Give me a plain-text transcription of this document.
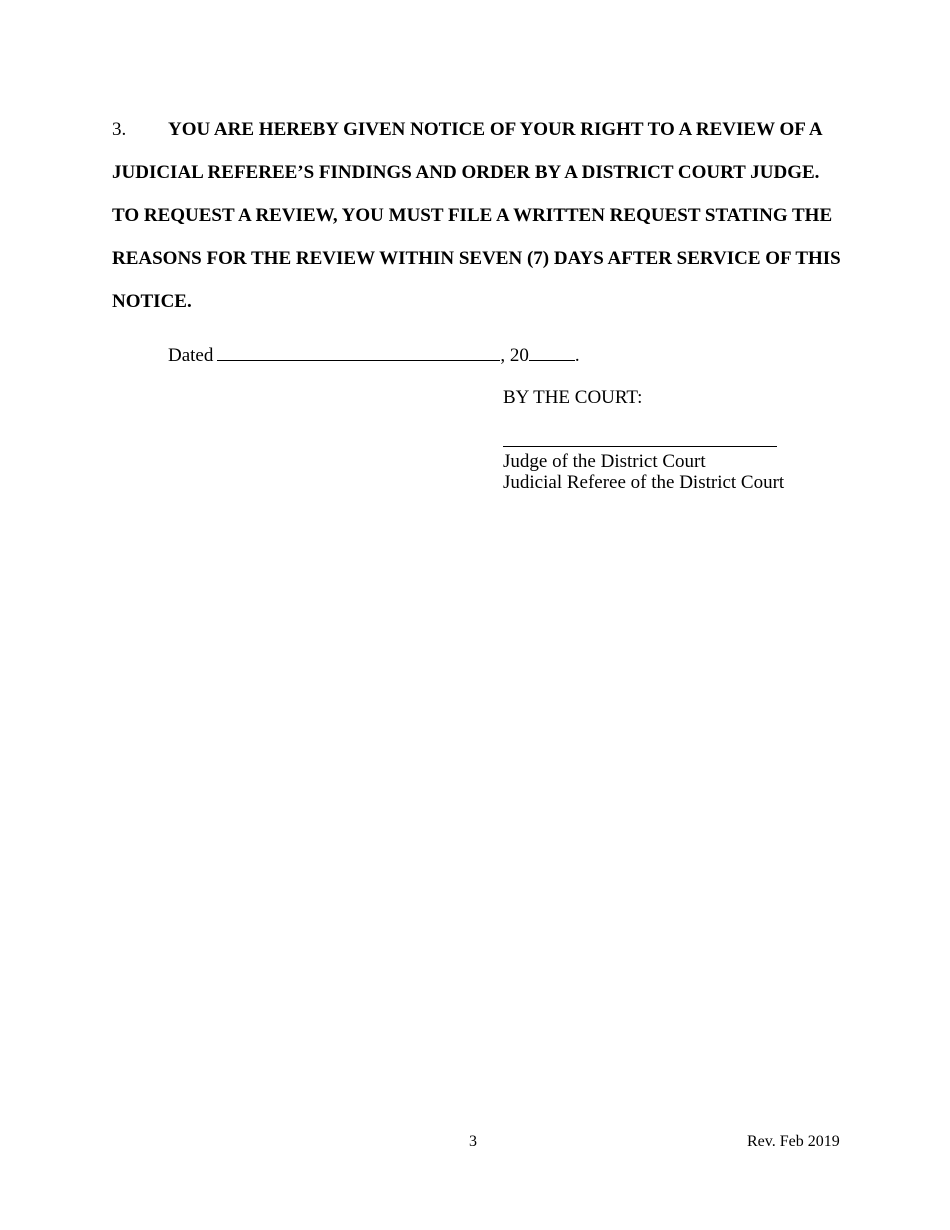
3. YOU ARE HEREBY GIVEN NOTICE OF YOUR RIGHT TO A REVIEW OF A JUDICIAL REFEREE’S FINDINGS AND ORDER BY A DISTRICT COURT JUDGE. TO REQUEST A REVIEW, YOU MUST FILE A WRITTEN REQUEST STATING THE REASONS FOR THE REVIEW WITHIN SEVEN (7) DAYS AFTER SERVICE OF THIS NOTICE.
Dated	, 20 .
BY THE COURT:
Judge of the District Court
Judicial Referee of the District Court
3	Rev. Feb 2019
